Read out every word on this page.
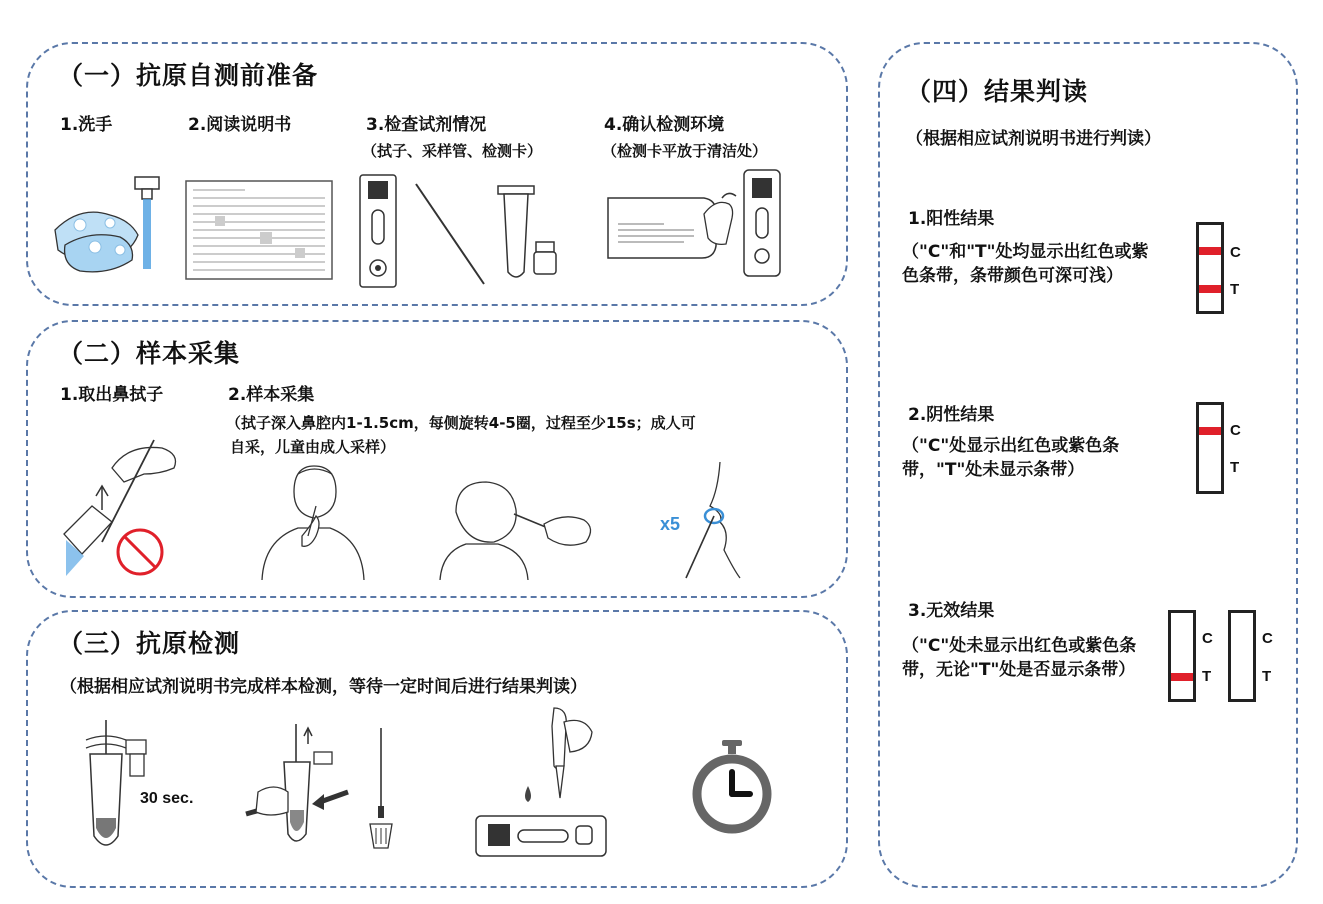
（一）抗原自测前准备
1.洗手	2.阅读说明书	3.检查试剂情况
（拭子、采样管、检测卡）
4.确认检测环境
（检测卡平放于清洁处）
（二）样本采集
1.取出鼻拭子	2.样本采集
（拭子深入鼻腔内1-1.5cm，每侧旋转4-5圈，过程至少15s；成人可
自采，儿童由成人采样）
x5
（三）抗原检测
（根据相应试剂说明书完成样本检测，等待一定时间后进行结果判读）
30 sec.
（四）结果判读
（根据相应试剂说明书进行判读）
1.阳性结果
（"C"和"T"处均显示出红色或紫色条带，条带颜色可深可浅）
C
T
2.阴性结果
（"C"处显示出红色或紫色条带，"T"处未显示条带）
C
T
3.无效结果
（"C"处未显示出红色或紫色条带，无论"T"处是否显示条带）
C
T
C
T
